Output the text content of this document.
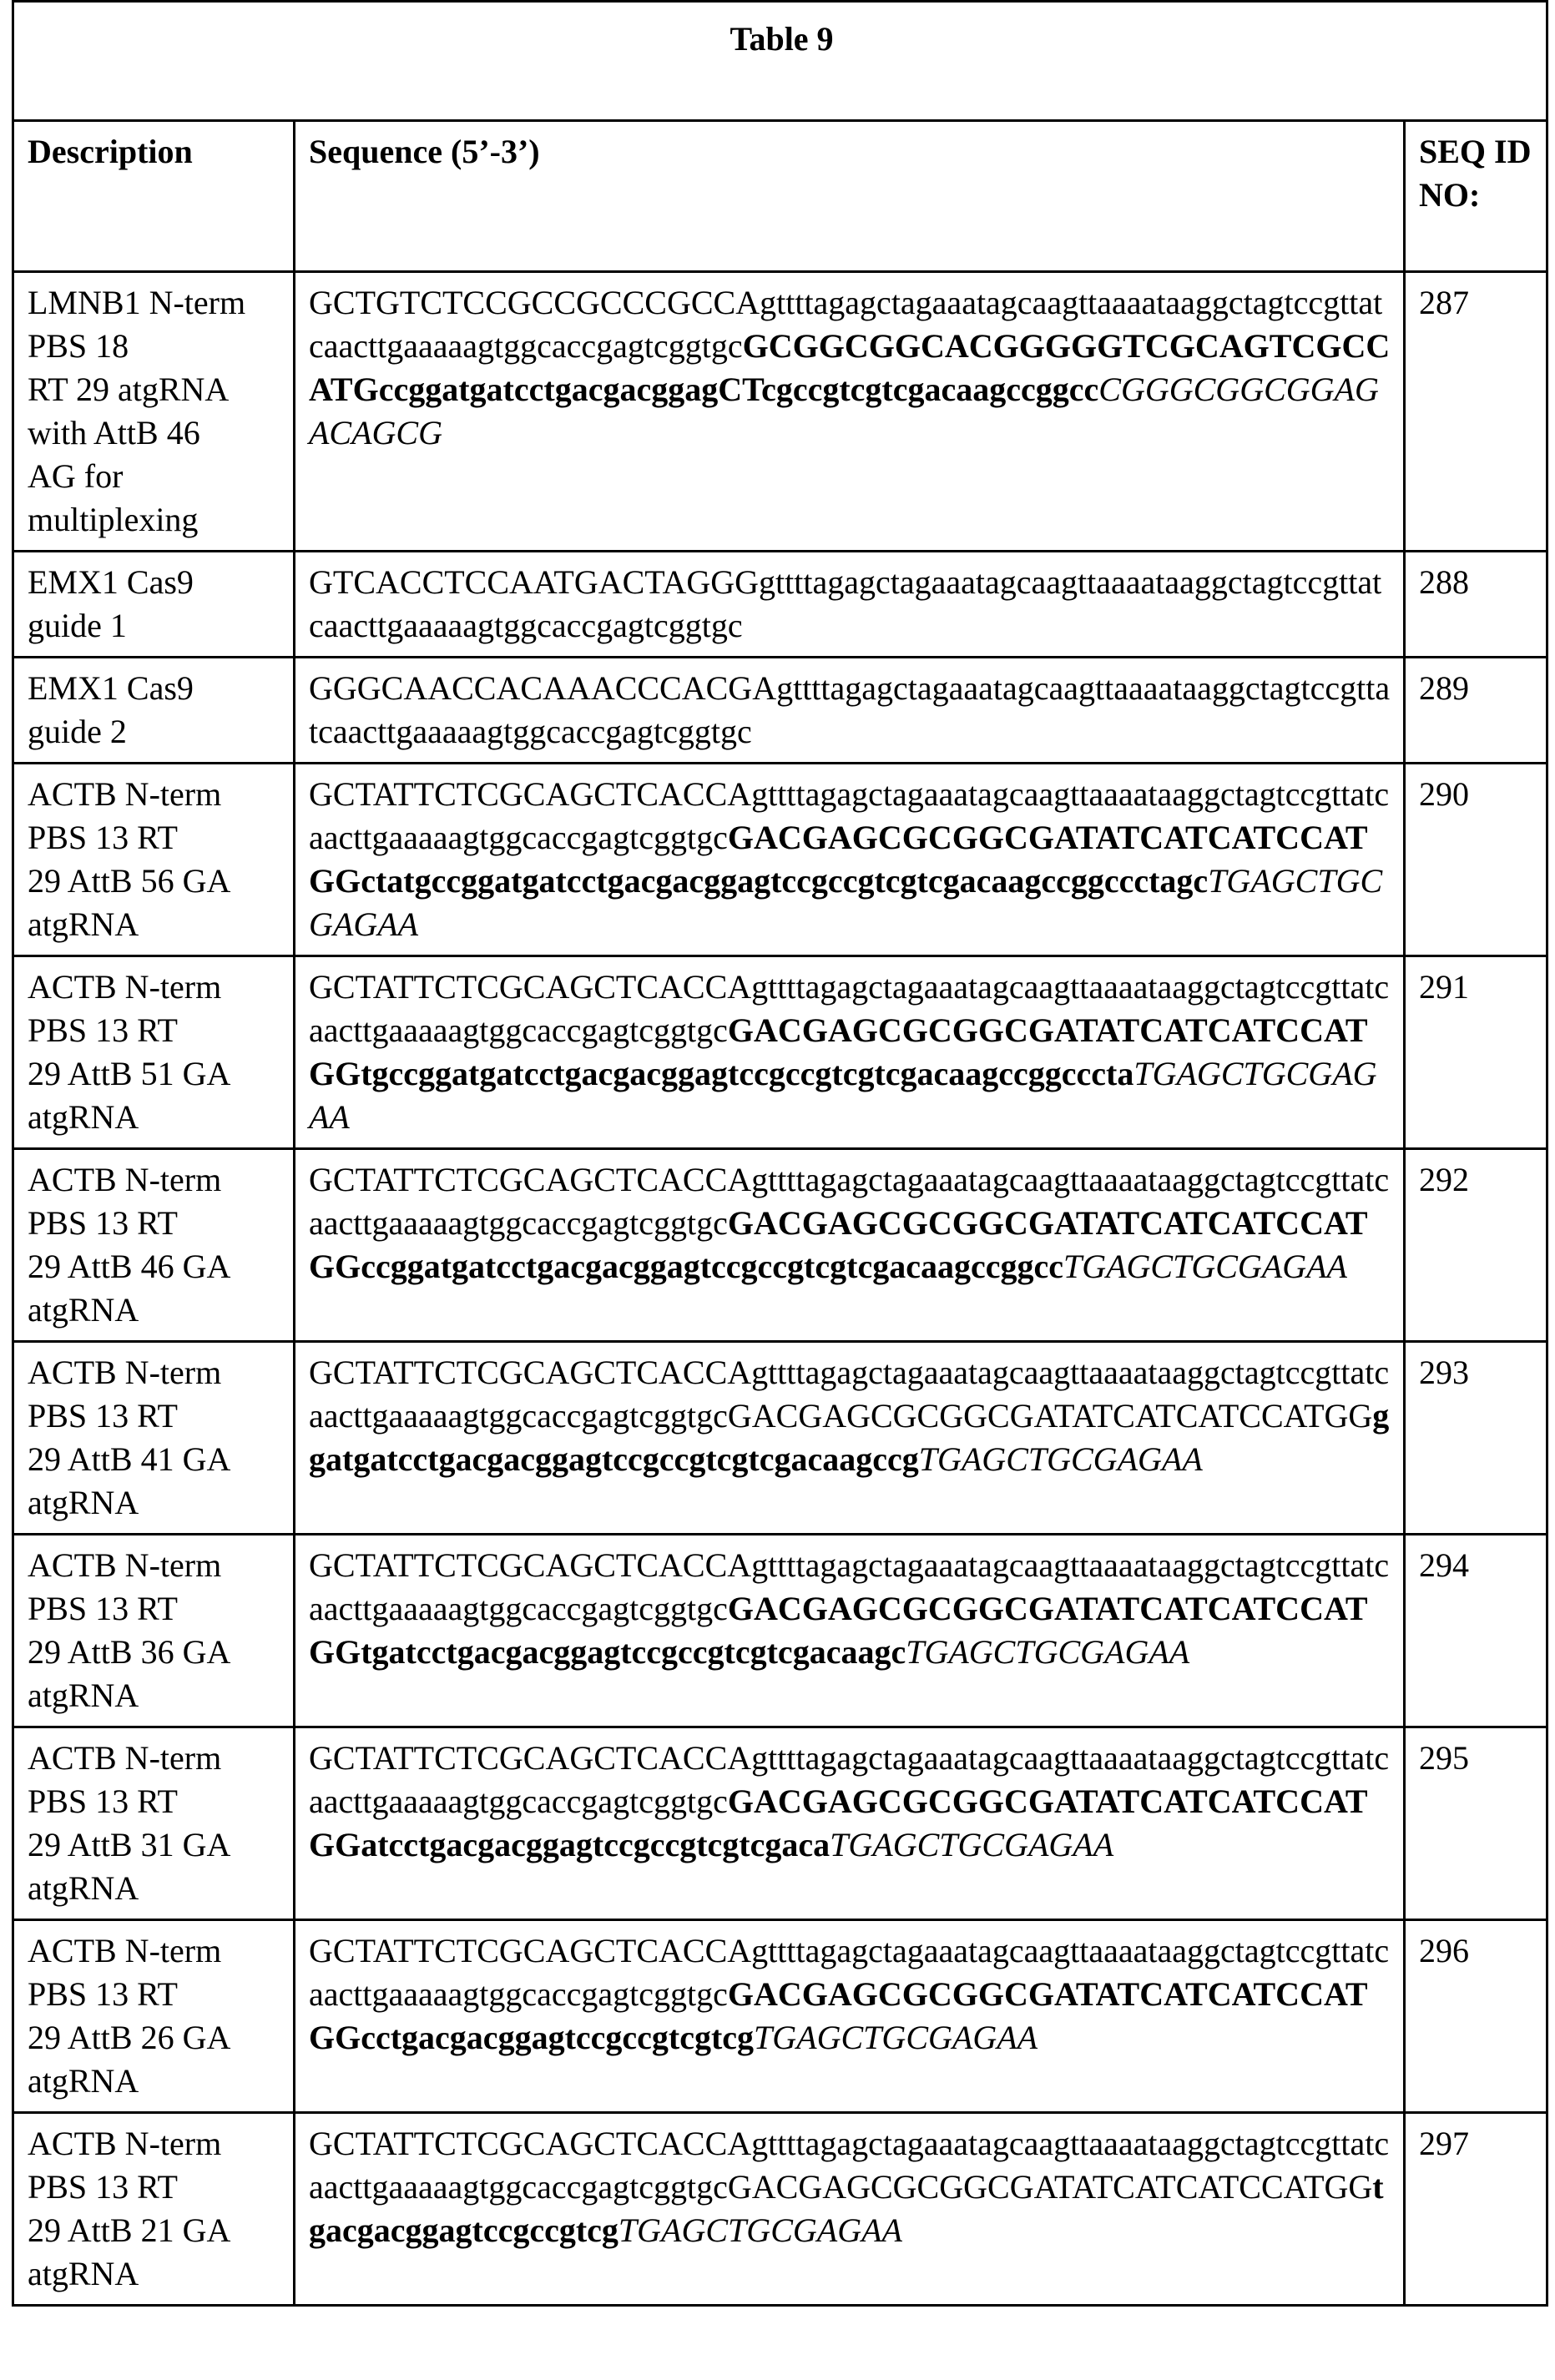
Table 9
Description	Sequence (5’-3’)	SEQ ID NO:
LMNB1 N-term
PBS 18
RT 29 atgRNA
with AttB 46
AG for
multiplexing	GCTGTCTCCGCCGCCCGCCAgttttagagctagaaatagcaagttaaaataaggctagtccgttatcaacttgaaaaagtggcaccgagtcggtgcGCGGCGGCACGGGGGTCGCAGTCGCCATGccggatgatcctgacgacggagCTcgccgtcgtcgacaagccggccCGGGCGGCGGAGACAGCG	287
EMX1 Cas9
guide 1	GTCACCTCCAATGACTAGGGgttttagagctagaaatagcaagttaaaataaggctagtccgttatcaacttgaaaaagtggcaccgagtcggtgc	288
EMX1 Cas9
guide 2	GGGCAACCACAAACCCACGAgttttagagctagaaatagcaagttaaaataaggctagtccgttatcaacttgaaaaagtggcaccgagtcggtgc	289
ACTB N-term
PBS 13 RT
29 AttB 56 GA
atgRNA	GCTATTCTCGCAGCTCACCAgttttagagctagaaatagcaagttaaaataaggctagtccgttatcaacttgaaaaagtggcaccgagtcggtgcGACGAGCGCGGCGATATCATCATCCATGGctatgccggatgatcctgacgacggagtccgccgtcgtcgacaagccggccctagcTGAGCTGCGAGAA	290
ACTB N-term
PBS 13 RT
29 AttB 51 GA
atgRNA	GCTATTCTCGCAGCTCACCAgttttagagctagaaatagcaagttaaaataaggctagtccgttatcaacttgaaaaagtggcaccgagtcggtgcGACGAGCGCGGCGATATCATCATCCATGGtgccggatgatcctgacgacggagtccgccgtcgtcgacaagccggccctaTGAGCTGCGAGAA	291
ACTB N-term
PBS 13 RT
29 AttB 46 GA
atgRNA	GCTATTCTCGCAGCTCACCAgttttagagctagaaatagcaagttaaaataaggctagtccgttatcaacttgaaaaagtggcaccgagtcggtgcGACGAGCGCGGCGATATCATCATCCATGGccggatgatcctgacgacggagtccgccgtcgtcgacaagccggccTGAGCTGCGAGAA	292
ACTB N-term
PBS 13 RT
29 AttB 41 GA
atgRNA	GCTATTCTCGCAGCTCACCAgttttagagctagaaatagcaagttaaaataaggctagtccgttatcaacttgaaaaagtggcaccgagtcggtgcGACGAGCGCGGCGATATCATCATCCATGGggatgatcctgacgacggagtccgccgtcgtcgacaagccgTGAGCTGCGAGAA	293
ACTB N-term
PBS 13 RT
29 AttB 36 GA
atgRNA	GCTATTCTCGCAGCTCACCAgttttagagctagaaatagcaagttaaaataaggctagtccgttatcaacttgaaaaagtggcaccgagtcggtgcGACGAGCGCGGCGATATCATCATCCATGGtgatcctgacgacggagtccgccgtcgtcgacaagcTGAGCTGCGAGAA	294
ACTB N-term
PBS 13 RT
29 AttB 31 GA
atgRNA	GCTATTCTCGCAGCTCACCAgttttagagctagaaatagcaagttaaaataaggctagtccgttatcaacttgaaaaagtggcaccgagtcggtgcGACGAGCGCGGCGATATCATCATCCATGGatcctgacgacggagtccgccgtcgtcgacaTGAGCTGCGAGAA	295
ACTB N-term
PBS 13 RT
29 AttB 26 GA
atgRNA	GCTATTCTCGCAGCTCACCAgttttagagctagaaatagcaagttaaaataaggctagtccgttatcaacttgaaaaagtggcaccgagtcggtgcGACGAGCGCGGCGATATCATCATCCATGGcctgacgacggagtccgccgtcgtcgTGAGCTGCGAGAA	296
ACTB N-term
PBS 13 RT
29 AttB 21 GA
atgRNA	GCTATTCTCGCAGCTCACCAgttttagagctagaaatagcaagttaaaataaggctagtccgttatcaacttgaaaaagtggcaccgagtcggtgcGACGAGCGCGGCGATATCATCATCCATGGtgacgacggagtccgccgtcgTGAGCTGCGAGAA	297
